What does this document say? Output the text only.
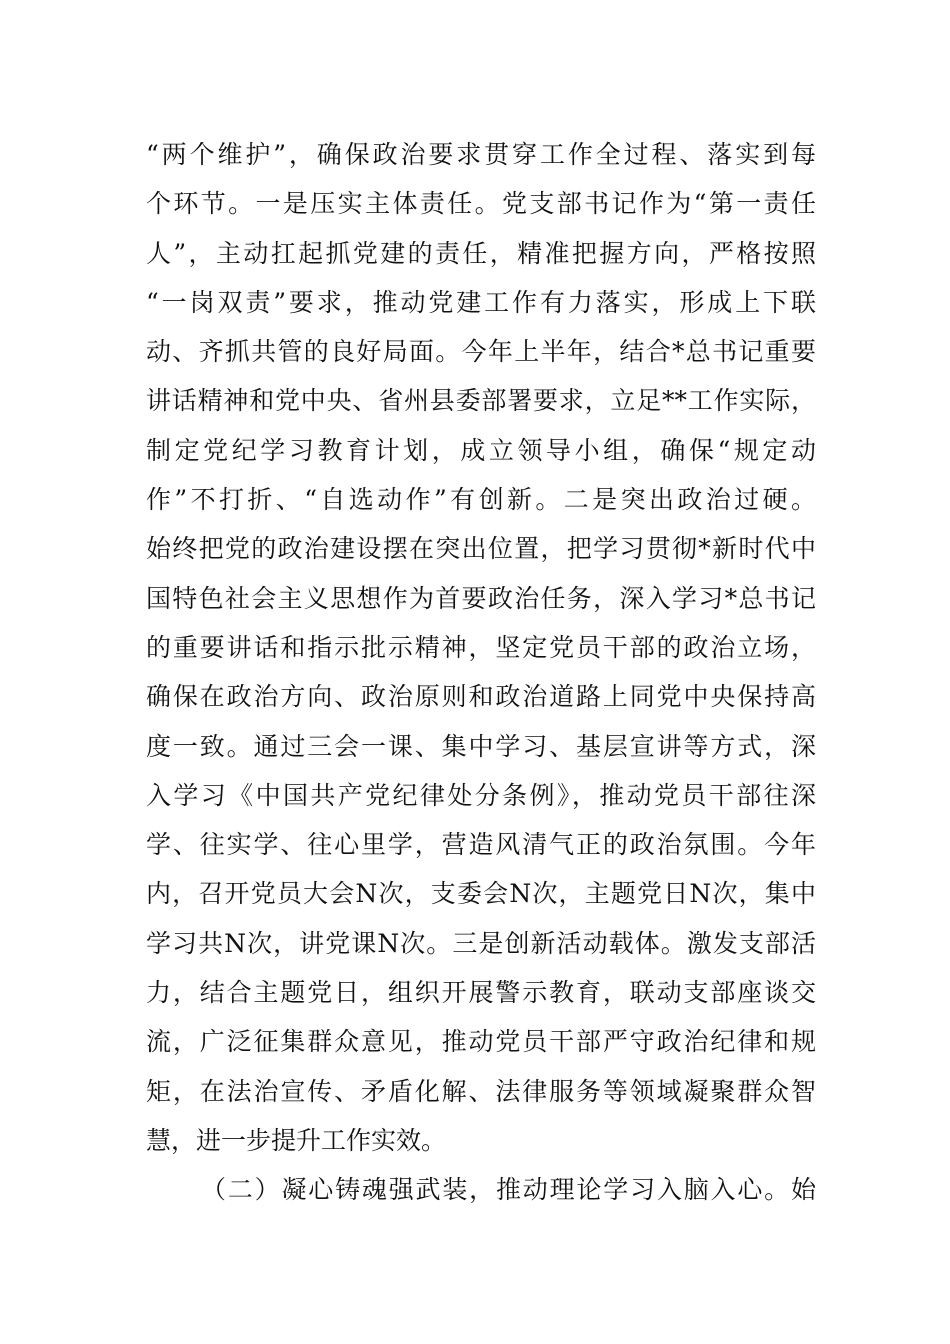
“两个维护”，确保政治要求贯穿工作全过程、落实到每
个环节。一是压实主体责任。党支部书记作为“第一责任
人”，主动扛起抓党建的责任，精准把握方向，严格按照
“一岗双责”要求，推动党建工作有力落实，形成上下联
动、齐抓共管的良好局面。今年上半年，结合*总书记重要
讲话精神和党中央、省州县委部署要求，立足**工作实际，
制定党纪学习教育计划，成立领导小组，确保“规定动
作”不打折、“自选动作”有创新。二是突出政治过硬。
始终把党的政治建设摆在突出位置，把学习贯彻*新时代中
国特色社会主义思想作为首要政治任务，深入学习*总书记
的重要讲话和指示批示精神，坚定党员干部的政治立场，
确保在政治方向、政治原则和政治道路上同党中央保持高
度一致。通过三会一课、集中学习、基层宣讲等方式，深
入学习《中国共产党纪律处分条例》，推动党员干部往深
学、往实学、往心里学，营造风清气正的政治氛围。今年
内，召开党员大会N次，支委会N次，主题党日N次，集中
学习共N次，讲党课N次。三是创新活动载体。激发支部活
力，结合主题党日，组织开展警示教育，联动支部座谈交
流，广泛征集群众意见，推动党员干部严守政治纪律和规
矩，在法治宣传、矛盾化解、法律服务等领域凝聚群众智
慧，进一步提升工作实效。
（二）凝心铸魂强武装，推动理论学习入脑入心。始
